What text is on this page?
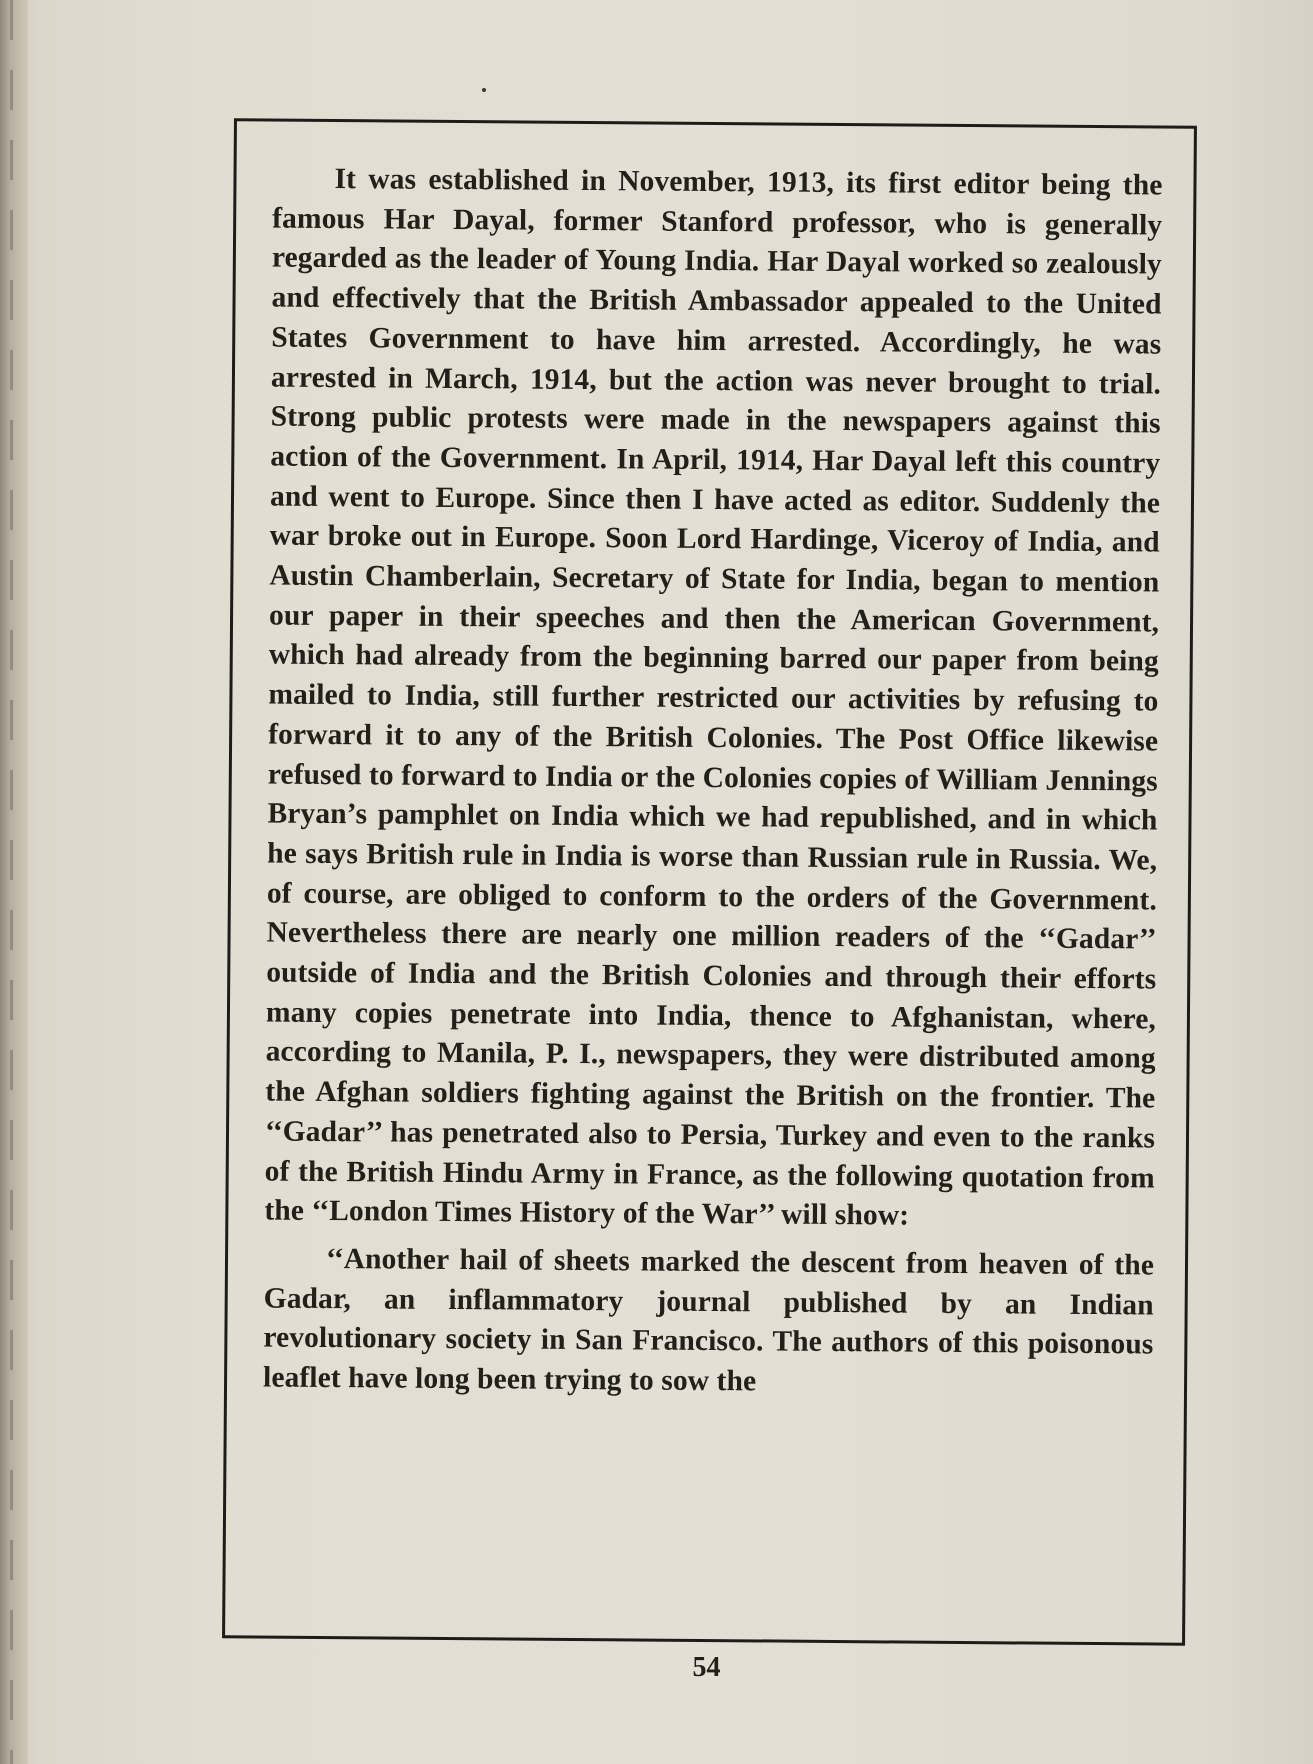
It was established in November, 1913, its first editor being the famous Har Dayal, former Stanford professor, who is generally regarded as the leader of Young India. Har Dayal worked so zealously and effectively that the British Ambassador appealed to the United States Government to have him arrested. Accordingly, he was arrested in March, 1914, but the action was never brought to trial. Strong public protests were made in the newspapers against this action of the Government. In April, 1914, Har Dayal left this country and went to Europe. Since then I have acted as editor. Suddenly the war broke out in Europe. Soon Lord Hardinge, Viceroy of India, and Austin Chamberlain, Secretary of State for India, began to mention our paper in their speeches and then the American Government, which had already from the beginning barred our paper from being mailed to India, still further restricted our activities by refusing to forward it to any of the British Colonies. The Post Office likewise refused to forward to India or the Colonies copies of William Jennings Bryan’s pamphlet on India which we had republished, and in which he says British rule in India is worse than Russian rule in Russia. We, of course, are obliged to conform to the orders of the Government. Nevertheless there are nearly one million readers of the ‘‘Gadar’’ outside of India and the British Colonies and through their efforts many copies penetrate into India, thence to Afghanistan, where, according to Manila, P. I., newspapers, they were distributed among the Afghan soldiers fighting against the British on the frontier. The ‘‘Gadar’’ has penetrated also to Persia, Turkey and even to the ranks of the British Hindu Army in France, as the following quotation from the ‘‘London Times History of the War’’ will show:

‘‘Another hail of sheets marked the descent from heaven of the Gadar, an inflammatory journal published by an Indian revolutionary society in San Francisco. The authors of this poisonous leaflet have long been trying to sow the

54
